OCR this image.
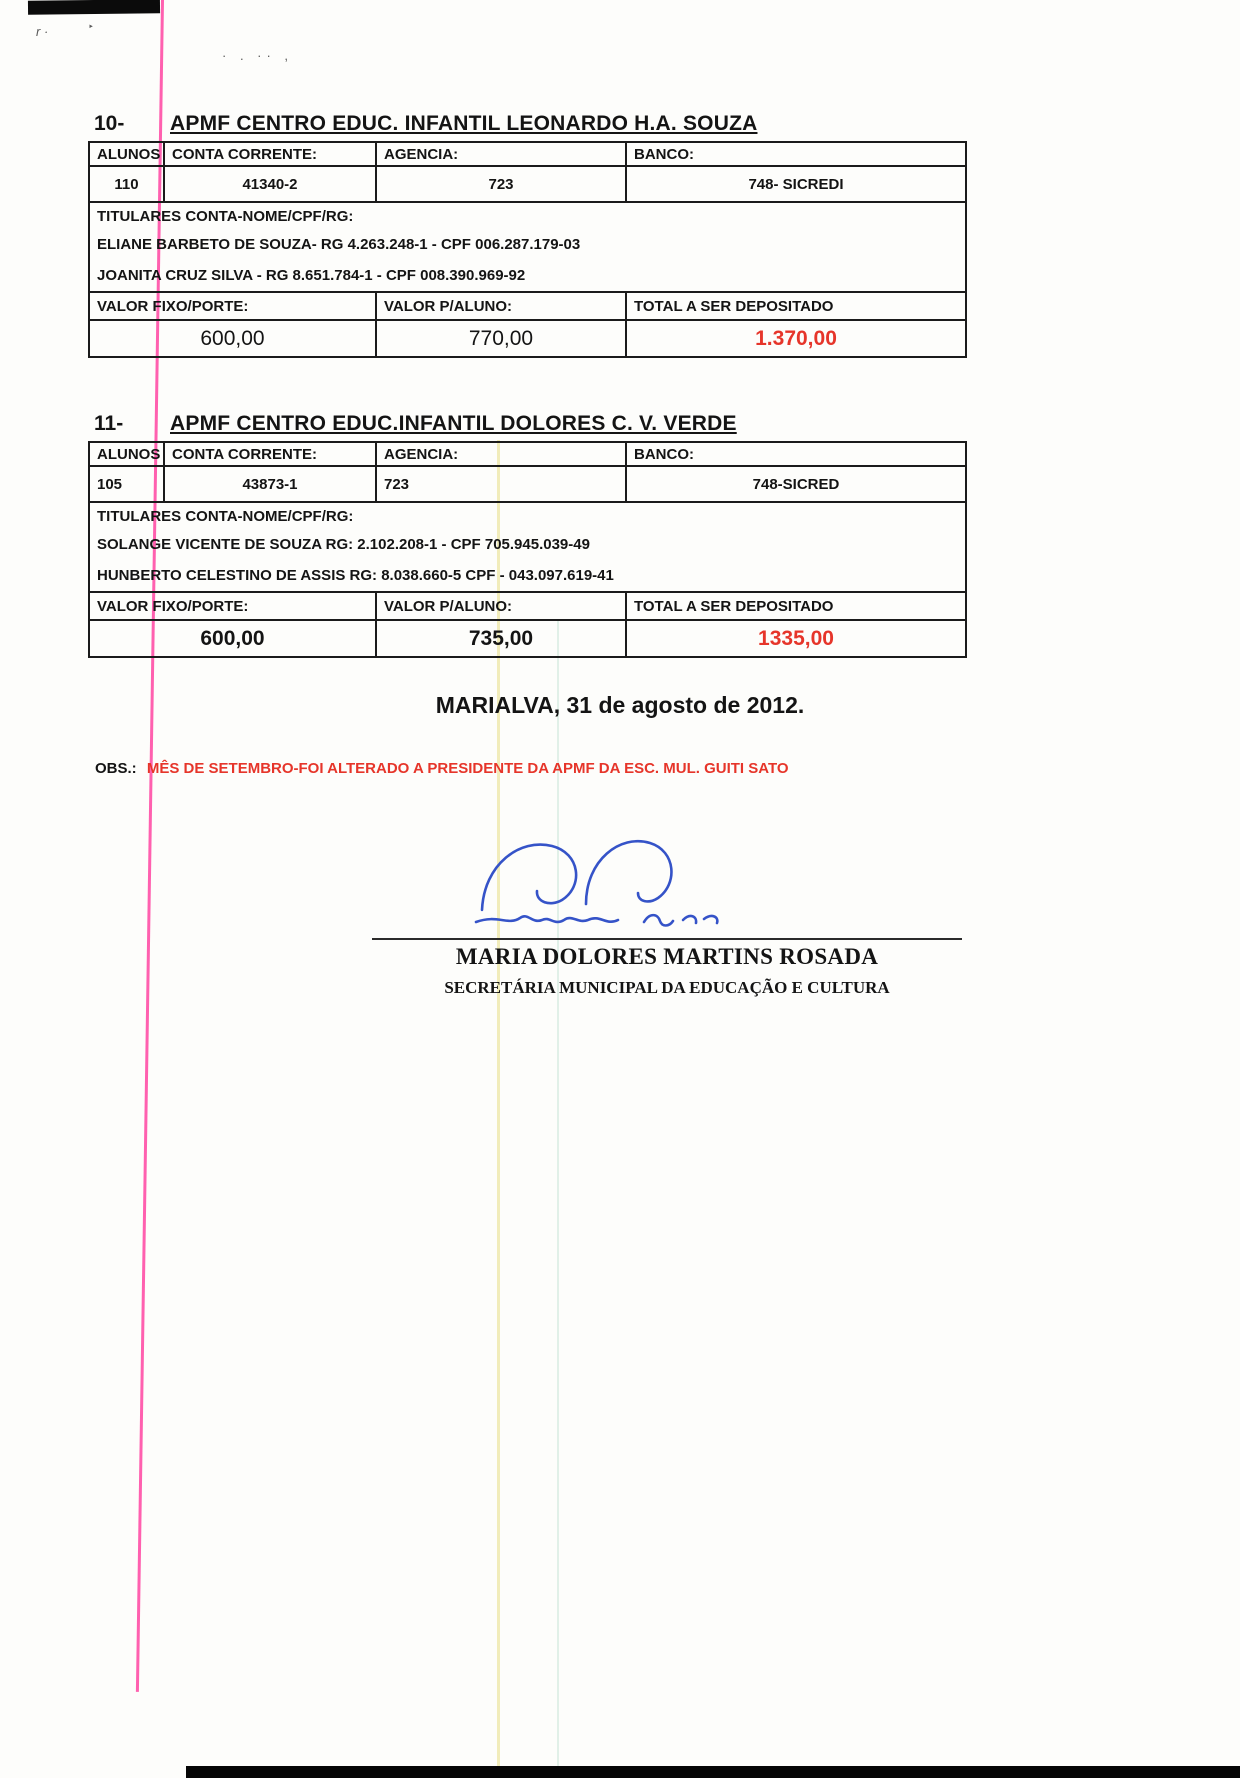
r ·	‣
· . ·· ,
10-	APMF CENTRO EDUC. INFANTIL LEONARDO H.A. SOUZA
ALUNOS	CONTA CORRENTE:	AGENCIA:	BANCO:
110	41340-2	723	748- SICREDI
TITULARES CONTA-NOME/CPF/RG:			
ELIANE BARBETO DE SOUZA- RG 4.263.248-1 - CPF 006.287.179-03			
JOANITA CRUZ SILVA - RG 8.651.784-1 - CPF 008.390.969-92			
VALOR FIXO/PORTE:		VALOR P/ALUNO:	TOTAL A SER DEPOSITADO
600,00		770,00	1.370,00
11-	APMF CENTRO EDUC.INFANTIL DOLORES C. V. VERDE
ALUNOS	CONTA CORRENTE:	AGENCIA:	BANCO:
105	43873-1	723	748-SICRED
TITULARES CONTA-NOME/CPF/RG:			
SOLANGE VICENTE DE SOUZA RG: 2.102.208-1 - CPF 705.945.039-49			
HUNBERTO CELESTINO DE ASSIS RG: 8.038.660-5 CPF - 043.097.619-41			
VALOR FIXO/PORTE:		VALOR P/ALUNO:	TOTAL A SER DEPOSITADO
600,00		735,00	1335,00
MARIALVA, 31 de agosto de 2012.
OBS.: MÊS DE SETEMBRO-FOI ALTERADO A PRESIDENTE DA APMF DA ESC. MUL. GUITI SATO
MARIA DOLORES MARTINS ROSADA
SECRETÁRIA MUNICIPAL DA EDUCAÇÃO E CULTURA
